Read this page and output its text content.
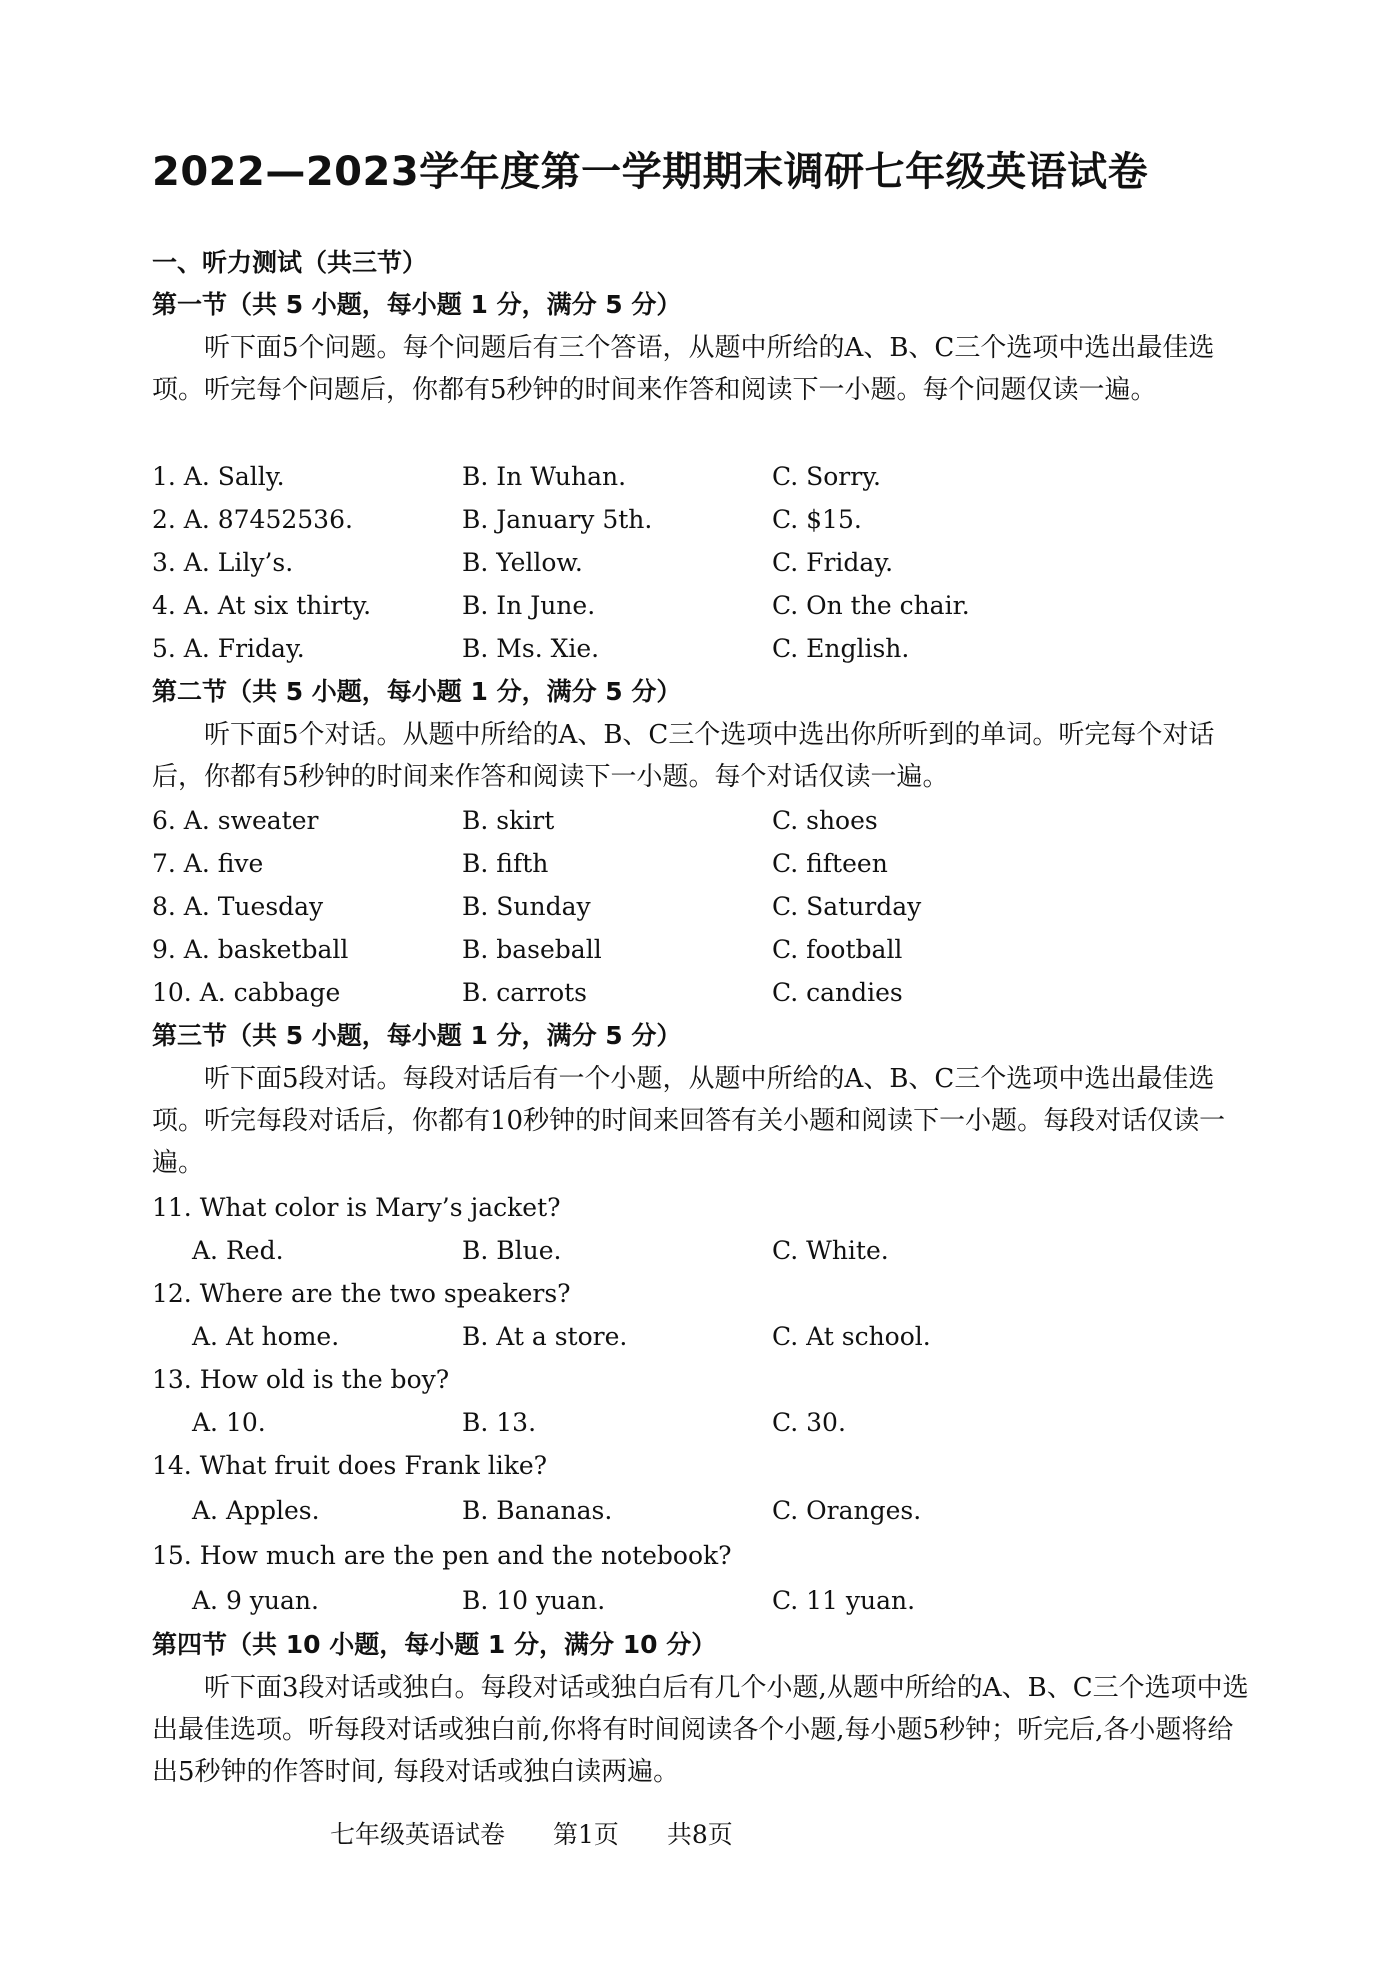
2022—2023学年度第一学期期末调研七年级英语试卷
一、听力测试（共三节）
第一节（共 5 小题，每小题 1 分，满分 5 分）
听下面5个问题。每个问题后有三个答语，从题中所给的A、B、C三个选项中选出最佳选项。听完每个问题后，你都有5秒钟的时间来作答和阅读下一小题。每个问题仅读一遍。
1. A. Sally.	B. In Wuhan.	C. Sorry.
2. A. 87452536.	B. January 5th.	C. $15.
3. A. Lily’s.	B. Yellow.	C. Friday.
4. A. At six thirty.	B. In June.	C. On the chair.
5. A. Friday.	B. Ms. Xie.	C. English.
第二节（共 5 小题，每小题 1 分，满分 5 分）
听下面5个对话。从题中所给的A、B、C三个选项中选出你所听到的单词。听完每个对话后，你都有5秒钟的时间来作答和阅读下一小题。每个对话仅读一遍。
6. A. sweater	B. skirt	C. shoes
7. A. five	B. fifth	C. fifteen
8. A. Tuesday	B. Sunday	C. Saturday
9. A. basketball	B. baseball	C. football
10. A. cabbage	B. carrots	C. candies
第三节（共 5 小题，每小题 1 分，满分 5 分）
听下面5段对话。每段对话后有一个小题，从题中所给的A、B、C三个选项中选出最佳选项。听完每段对话后，你都有10秒钟的时间来回答有关小题和阅读下一小题。每段对话仅读一遍。
11. What color is Mary’s jacket?
A. Red.	B. Blue.	C. White.
12. Where are the two speakers?
A. At home.	B. At a store.	C. At school.
13. How old is the boy?
A. 10.	B. 13.	C. 30.
14. What fruit does Frank like?
A. Apples.	B. Bananas.	C. Oranges.
15. How much are the pen and the notebook?
A. 9 yuan.	B. 10 yuan.	C. 11 yuan.
第四节（共 10 小题，每小题 1 分，满分 10 分）
听下面3段对话或独白。每段对话或独白后有几个小题,从题中所给的A、B、C三个选项中选出最佳选项。听每段对话或独白前,你将有时间阅读各个小题,每小题5秒钟；听完后,各小题将给出5秒钟的作答时间, 每段对话或独白读两遍。
七年级英语试卷 第1页 共8页
